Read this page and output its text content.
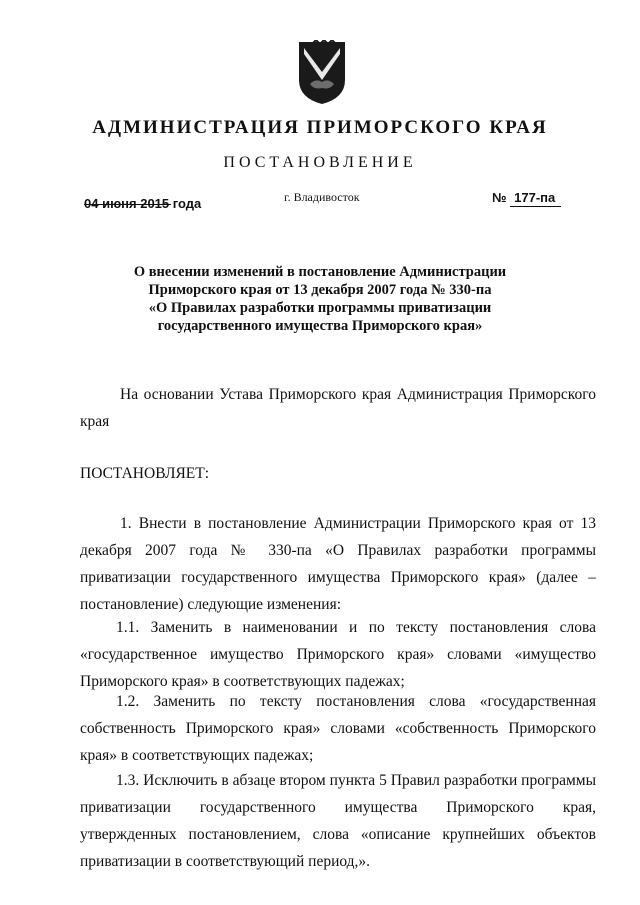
АДМИНИСТРАЦИЯ ПРИМОРСКОГО КРАЯ
ПОСТАНОВЛЕНИЕ
04 июня 2015 года	г. Владивосток	№ 177-па
О внесении изменений в постановление Администрации
Приморского края от 13 декабря 2007 года № 330-па
«О Правилах разработки программы приватизации
государственного имущества Приморского края»
На основании Устава Приморского края Администрация Приморского края
ПОСТАНОВЛЯЕТ:
1. Внести в постановление Администрации Приморского края от 13 декабря 2007 года № 330-па «О Правилах разработки программы приватизации государственного имущества Приморского края» (далее – постановление) следующие изменения:
1.1. Заменить в наименовании и по тексту постановления слова «государственное имущество Приморского края» словами «имущество Приморского края» в соответствующих падежах;
1.2. Заменить по тексту постановления слова «государственная собственность Приморского края» словами «собственность Приморского края» в соответствующих падежах;
1.3. Исключить в абзаце втором пункта 5 Правил разработки программы приватизации государственного имущества Приморского края, утвержденных постановлением, слова «описание крупнейших объектов приватизации в соответствующий период,».
